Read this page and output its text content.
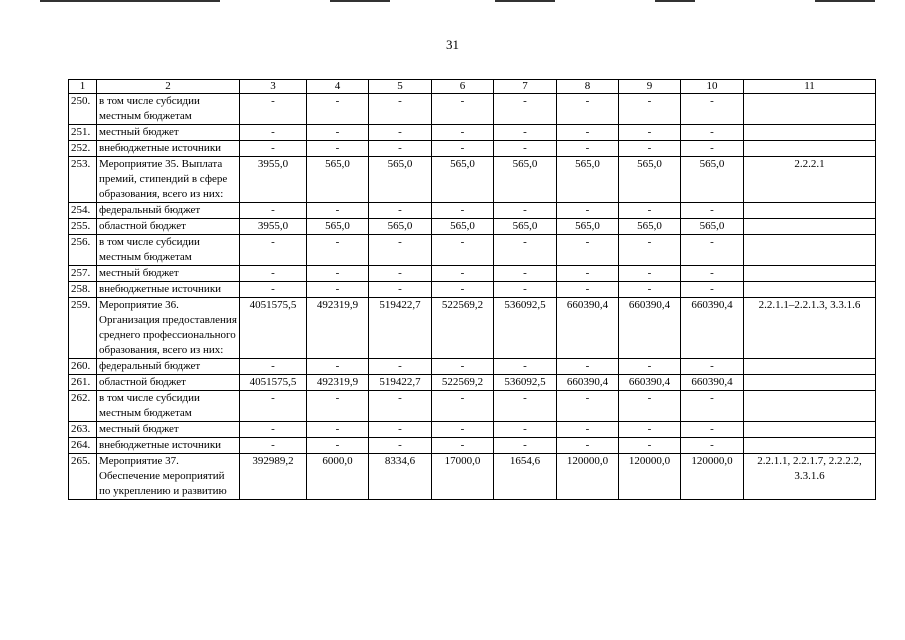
31
1	2	3	4	5	6	7	8	9	10	11
250.	в том числе субсидии местным бюджетам	-	-	-	-	-	-	-	-	
251.	местный бюджет	-	-	-	-	-	-	-	-	
252.	внебюджетные источники	-	-	-	-	-	-	-	-	
253.	Мероприятие 35. Выплата премий, стипендий в сфере образования, всего из них:	3955,0	565,0	565,0	565,0	565,0	565,0	565,0	565,0	2.2.2.1
254.	федеральный бюджет	-	-	-	-	-	-	-	-	
255.	областной бюджет	3955,0	565,0	565,0	565,0	565,0	565,0	565,0	565,0	
256.	в том числе субсидии местным бюджетам	-	-	-	-	-	-	-	-	
257.	местный бюджет	-	-	-	-	-	-	-	-	
258.	внебюджетные источники	-	-	-	-	-	-	-	-	
259.	Мероприятие 36. Организация предоставления среднего профессионального образования, всего из них:	4051575,5	492319,9	519422,7	522569,2	536092,5	660390,4	660390,4	660390,4	2.2.1.1–2.2.1.3, 3.3.1.6
260.	федеральный бюджет	-	-	-	-	-	-	-	-	
261.	областной бюджет	4051575,5	492319,9	519422,7	522569,2	536092,5	660390,4	660390,4	660390,4	
262.	в том числе субсидии местным бюджетам	-	-	-	-	-	-	-	-	
263.	местный бюджет	-	-	-	-	-	-	-	-	
264.	внебюджетные источники	-	-	-	-	-	-	-	-	
265.	Мероприятие 37. Обеспечение мероприятий по укреплению и развитию	392989,2	6000,0	8334,6	17000,0	1654,6	120000,0	120000,0	120000,0	2.2.1.1, 2.2.1.7, 2.2.2.2, 3.3.1.6
